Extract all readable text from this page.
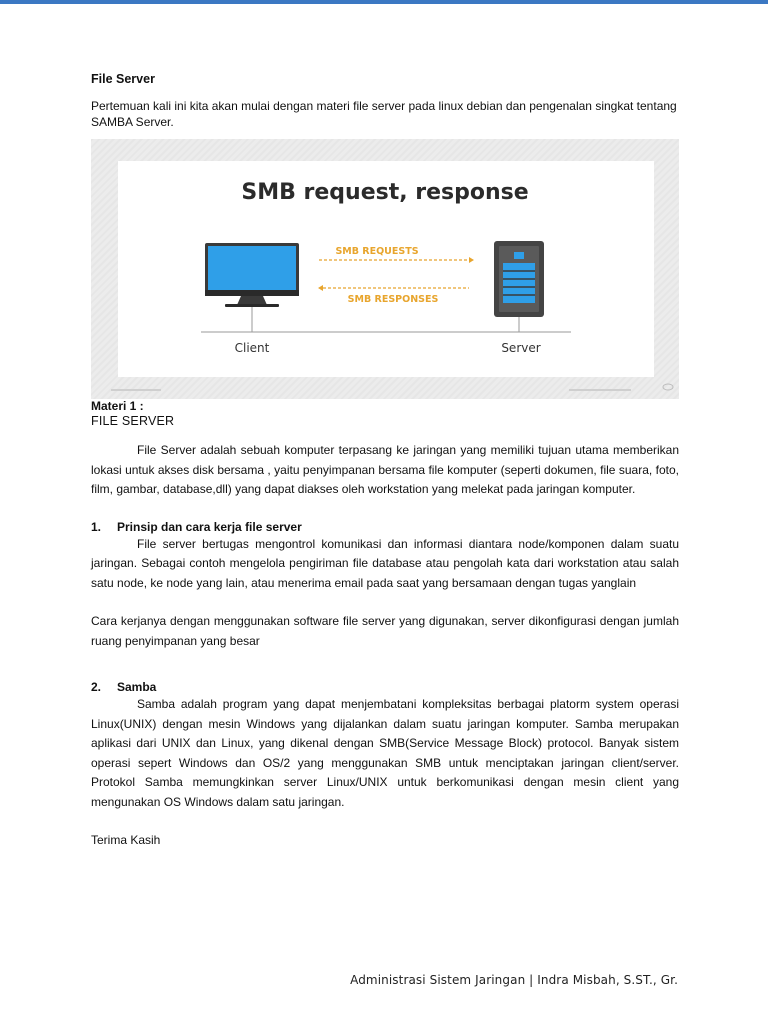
File Server

Pertemuan kali ini kita akan mulai dengan materi file server pada linux debian dan pengenalan singkat tentang SAMBA Server.

SMB request, response
SMB REQUESTS
SMB RESPONSES
Client	Server
Materi 1 :
FILE SERVER

File Server adalah sebuah komputer terpasang ke jaringan yang memiliki tujuan utama memberikan lokasi untuk akses disk bersama , yaitu penyimpanan bersama file komputer (seperti dokumen, file suara, foto, film, gambar, database,dll) yang dapat diakses oleh workstation yang melekat pada jaringan komputer.

1.	Prinsip dan cara kerja file server

File server bertugas mengontrol komunikasi dan informasi diantara node/komponen dalam suatu jaringan. Sebagai contoh mengelola pengiriman file database atau pengolah kata dari workstation atau salah satu node, ke node yang lain, atau menerima email pada saat yang bersamaan dengan tugas yanglain

Cara kerjanya dengan menggunakan software file server yang digunakan, server dikonfigurasi dengan jumlah ruang penyimpanan yang besar

2.	Samba

Samba adalah program yang dapat menjembatani kompleksitas berbagai platorm system operasi Linux(UNIX) dengan mesin Windows yang dijalankan dalam suatu jaringan komputer. Samba merupakan aplikasi dari UNIX dan Linux, yang dikenal dengan SMB(Service Message Block) protocol. Banyak sistem operasi sepert Windows dan OS/2 yang menggunakan SMB untuk menciptakan jaringan client/server. Protokol Samba memungkinkan server Linux/UNIX untuk berkomunikasi dengan mesin client yang mengunakan OS Windows dalam satu jaringan.

Terima Kasih

Administrasi Sistem Jaringan | Indra Misbah, S.ST., Gr.
